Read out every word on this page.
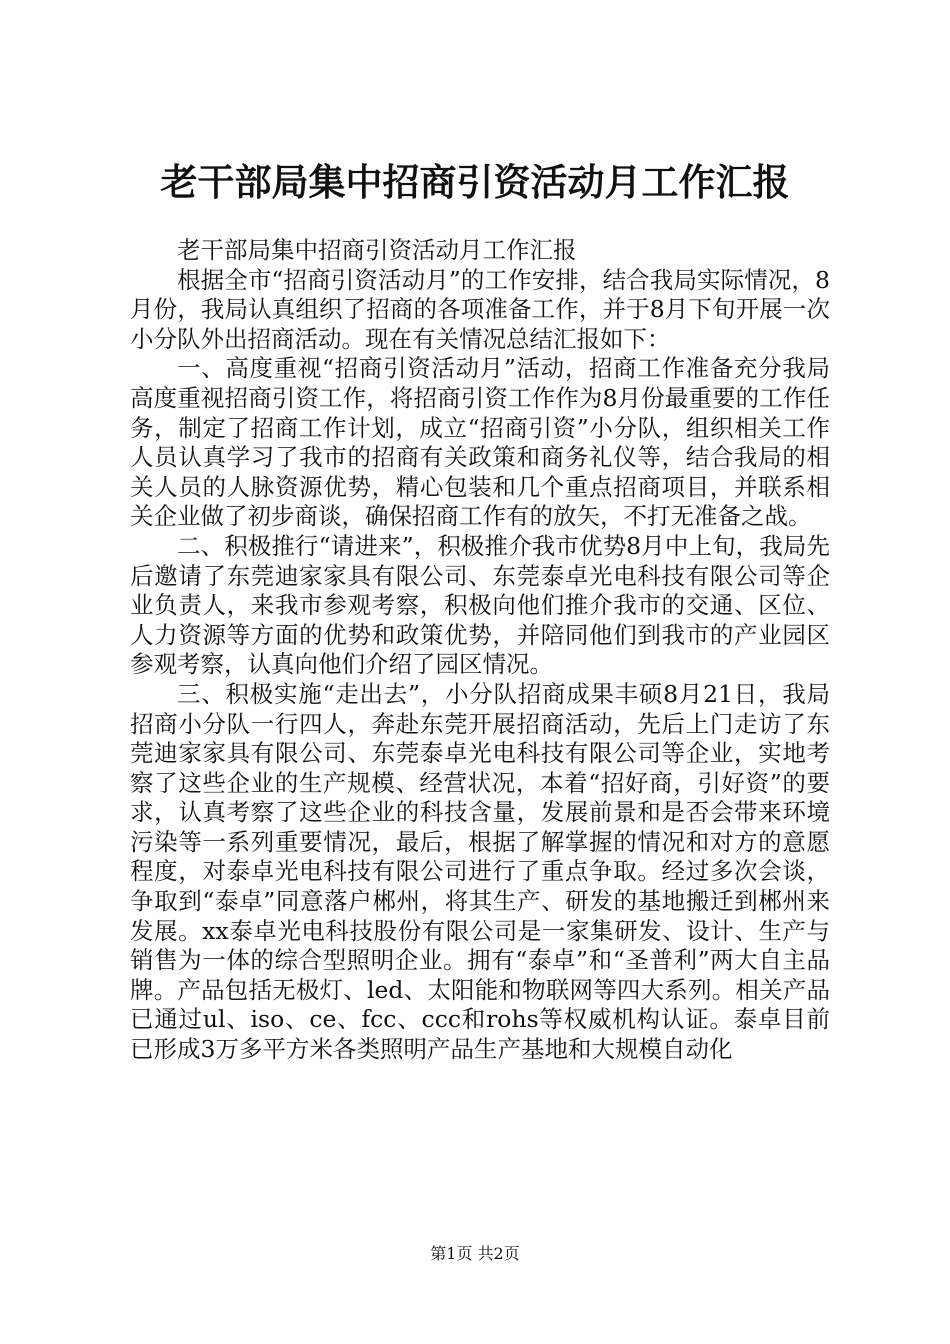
老干部局集中招商引资活动月工作汇报

老干部局集中招商引资活动月工作汇报

根据全市“招商引资活动月”的工作安排，结合我局实际情况，8月份，我局认真组织了招商的各项准备工作，并于8月下旬开展一次小分队外出招商活动。现在有关情况总结汇报如下：

一、高度重视“招商引资活动月”活动，招商工作准备充分我局高度重视招商引资工作，将招商引资工作作为8月份最重要的工作任务，制定了招商工作计划，成立“招商引资”小分队，组织相关工作人员认真学习了我市的招商有关政策和商务礼仪等，结合我局的相关人员的人脉资源优势，精心包装和几个重点招商项目，并联系相关企业做了初步商谈，确保招商工作有的放矢，不打无准备之战。

二、积极推行“请进来”，积极推介我市优势8月中上旬，我局先后邀请了东莞迪家家具有限公司、东莞泰卓光电科技有限公司等企业负责人，来我市参观考察，积极向他们推介我市的交通、区位、人力资源等方面的优势和政策优势，并陪同他们到我市的产业园区参观考察，认真向他们介绍了园区情况。

三、积极实施“走出去”，小分队招商成果丰硕8月21日，我局招商小分队一行四人，奔赴东莞开展招商活动，先后上门走访了东莞迪家家具有限公司、东莞泰卓光电科技有限公司等企业，实地考察了这些企业的生产规模、经营状况，本着“招好商，引好资”的要求，认真考察了这些企业的科技含量，发展前景和是否会带来环境污染等一系列重要情况，最后，根据了解掌握的情况和对方的意愿程度，对泰卓光电科技有限公司进行了重点争取。经过多次会谈，争取到“泰卓”同意落户郴州，将其生产、研发的基地搬迁到郴州来发展。xx泰卓光电科技股份有限公司是一家集研发、设计、生产与销售为一体的综合型照明企业。拥有“泰卓”和“圣普利”两大自主品牌。产品包括无极灯、led、太阳能和物联网等四大系列。相关产品已通过ul、iso、ce、fcc、ccc和rohs等权威机构认证。泰卓目前已形成3万多平方米各类照明产品生产基地和大规模自动化

第1页 共2页
